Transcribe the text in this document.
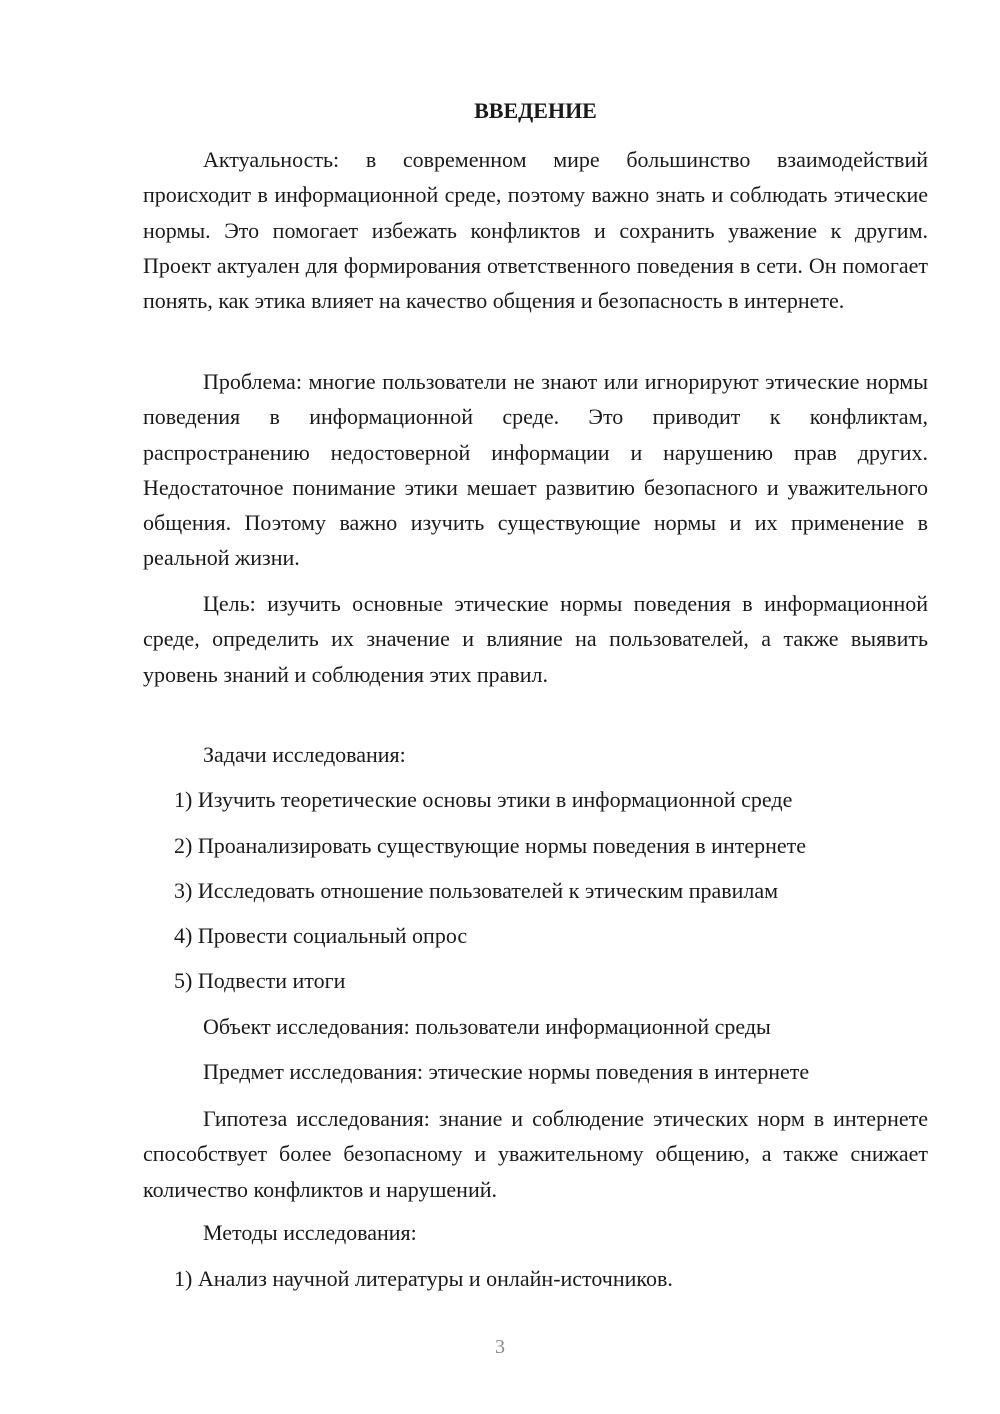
ВВЕДЕНИЕ

Актуальность: в современном мире большинство взаимодействий происходит в информационной среде, поэтому важно знать и соблюдать этические нормы. Это помогает избежать конфликтов и сохранить уважение к другим. Проект актуален для формирования ответственного поведения в сети. Он помогает понять, как этика влияет на качество общения и безопасность в интернете.

Проблема: многие пользователи не знают или игнорируют этические нормы поведения в информационной среде. Это приводит к конфликтам, распространению недостоверной информации и нарушению прав других. Недостаточное понимание этики мешает развитию безопасного и уважительного общения. Поэтому важно изучить существующие нормы и их применение в реальной жизни.

Цель: изучить основные этические нормы поведения в информационной среде, определить их значение и влияние на пользователей, а также выявить уровень знаний и соблюдения этих правил.

Задачи исследования:

1) Изучить теоретические основы этики в информационной среде

2) Проанализировать существующие нормы поведения в интернете

3) Исследовать отношение пользователей к этическим правилам

4) Провести социальный опрос

5) Подвести итоги

Объект исследования: пользователи информационной среды

Предмет исследования: этические нормы поведения в интернете

Гипотеза исследования: знание и соблюдение этических норм в интернете способствует более безопасному и уважительному общению, а также снижает количество конфликтов и нарушений.

Методы исследования:

1) Анализ научной литературы и онлайн-источников.

3
